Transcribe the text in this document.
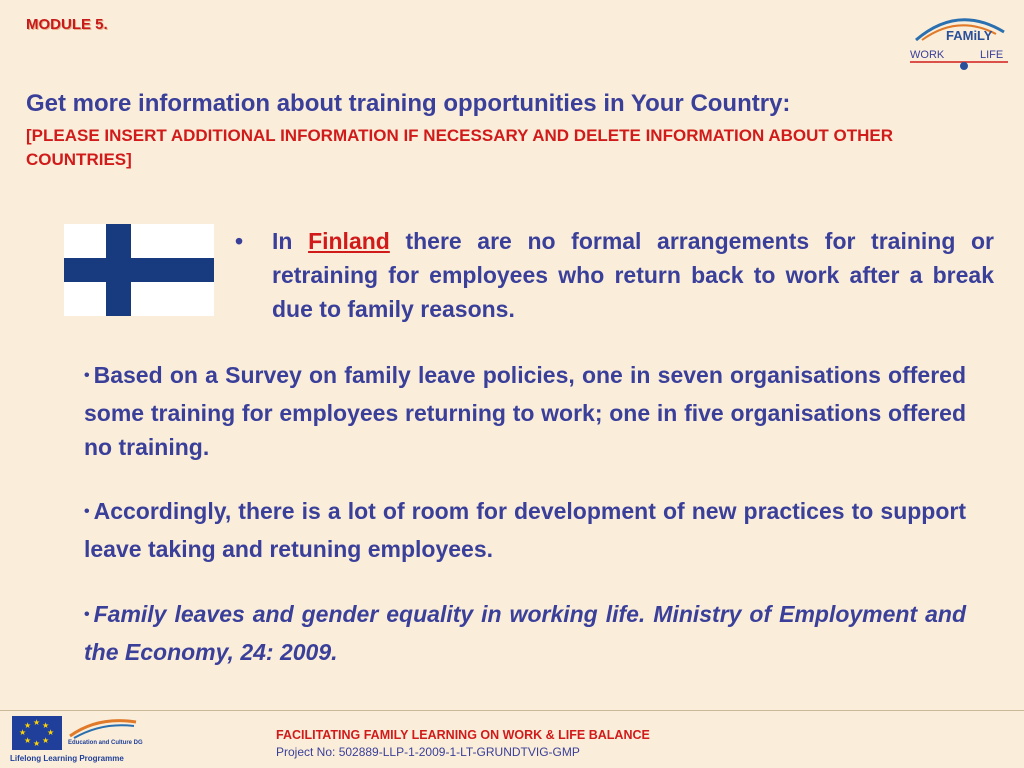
MODULE 5.
FAMiLY
WORK	LIFE
Get more information about training opportunities in Your Country:
[PLEASE INSERT ADDITIONAL INFORMATION IF NECESSARY AND DELETE INFORMATION ABOUT OTHER COUNTRIES]
• In Finland there are no formal arrangements for training or retraining for employees who return back to work after a break due to family reasons.
• Based on a Survey on family leave policies, one in seven organisations offered some training for employees returning to work; one in five organisations offered no training.
• Accordingly, there is a lot of room for development of new practices to support leave taking and retuning employees.
• Family leaves and gender equality in working life. Ministry of Employment and the Economy, 24: 2009.
★ ★
★
★
★
★
★
★
Education and Culture DG
Lifelong Learning Programme
FACILITATING FAMILY LEARNING ON WORK & LIFE BALANCE
Project No: 502889-LLP-1-2009-1-LT-GRUNDTVIG-GMP
